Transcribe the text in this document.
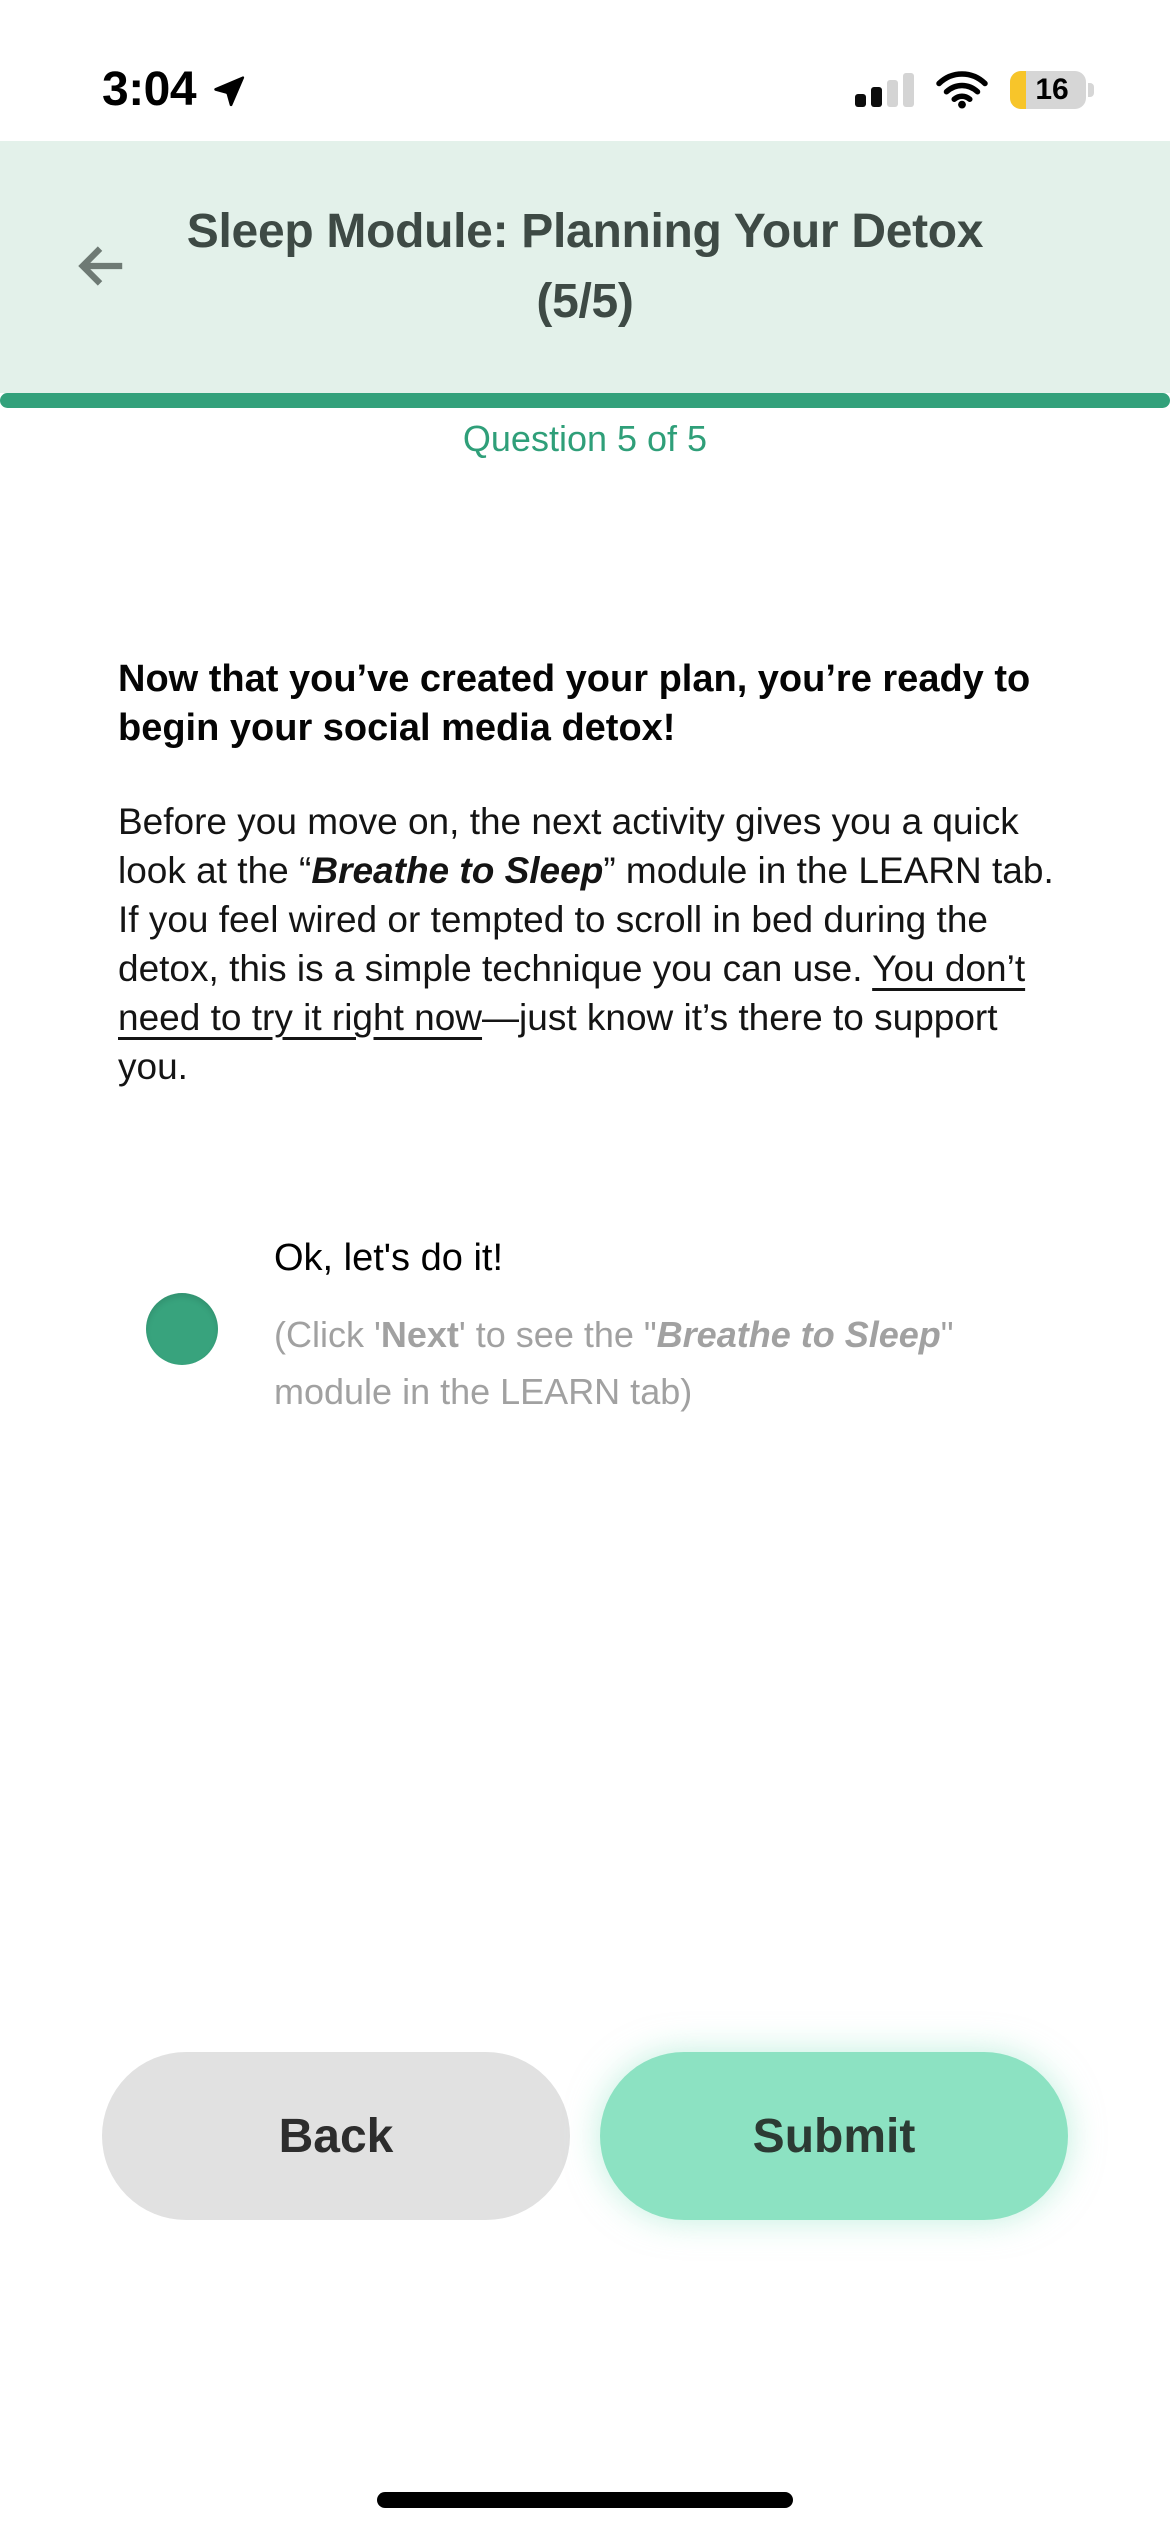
3:04	16
Sleep Module: Planning Your Detox
(5/5)
Question 5 of 5
Now that you’ve created your plan, you’re ready to begin your social media detox!
Before you move on, the next activity gives you a quick look at the “Breathe to Sleep” module in the LEARN tab. If you feel wired or tempted to scroll in bed during the detox, this is a simple technique you can use. You don’t need to try it right now—just know it’s there to support you.
Ok, let's do it!
(Click 'Next' to see the "Breathe to Sleep" module in the LEARN tab)
Back	Submit
